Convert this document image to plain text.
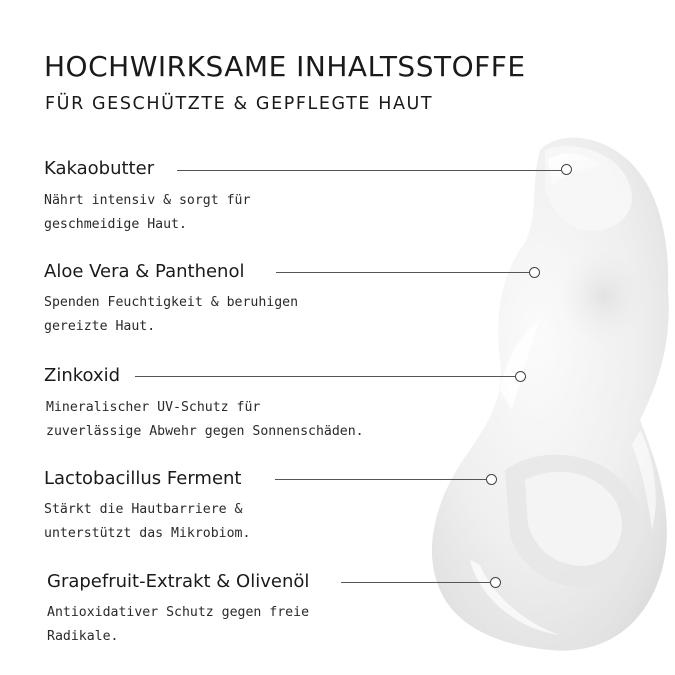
HOCHWIRKSAME INHALTSSTOFFE
FÜR GESCHÜTZTE & GEPFLEGTE HAUT
Kakaobutter
Nährt intensiv & sorgt für
geschmeidige Haut.
Aloe Vera & Panthenol
Spenden Feuchtigkeit & beruhigen
gereizte Haut.
Zinkoxid
Mineralischer UV-Schutz für
zuverlässige Abwehr gegen Sonnenschäden.
Lactobacillus Ferment
Stärkt die Hautbarriere &
unterstützt das Mikrobiom.
Grapefruit-Extrakt & Olivenöl
Antioxidativer Schutz gegen freie
Radikale.
